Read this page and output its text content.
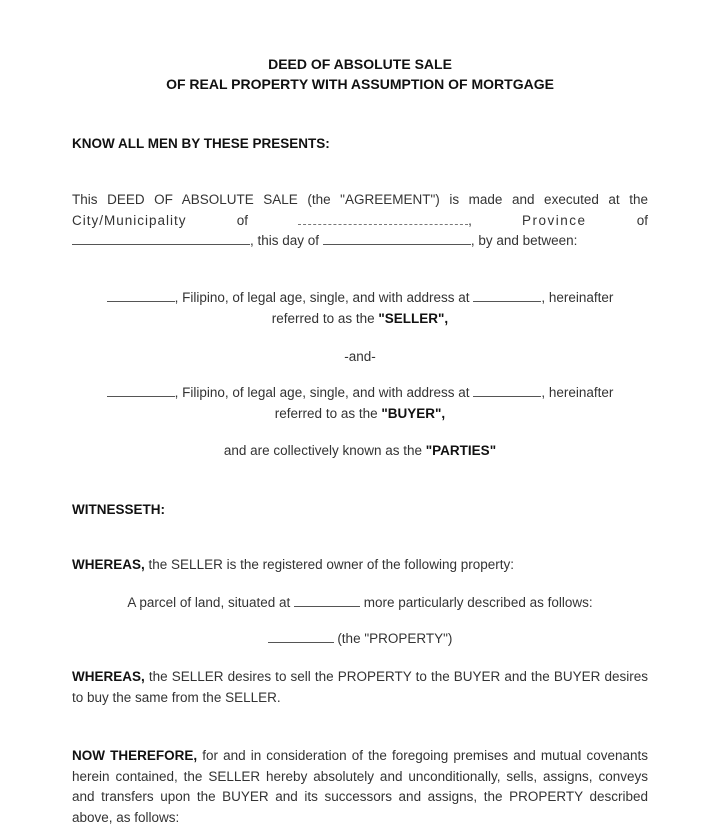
DEED OF ABSOLUTE SALE
OF REAL PROPERTY WITH ASSUMPTION OF MORTGAGE
KNOW ALL MEN BY THESE PRESENTS:
This DEED OF ABSOLUTE SALE (the "AGREEMENT") is made and executed at the
City/Municipality	of	,	Province	of
, this day of	, by and between:
, Filipino, of legal age, single, and with address at	, hereinafter
referred to as the "SELLER",
-and-
, Filipino, of legal age, single, and with address at	, hereinafter
referred to as the "BUYER",
and are collectively known as the "PARTIES"
WITNESSETH:
WHEREAS, the SELLER is the registered owner of the following property:
A parcel of land, situated at	more particularly described as follows:
(the "PROPERTY")
WHEREAS, the SELLER desires to sell the PROPERTY to the BUYER and the BUYER desires to buy the same from the SELLER.
NOW THEREFORE, for and in consideration of the foregoing premises and mutual covenants herein contained, the SELLER hereby absolutely and unconditionally, sells, assigns, conveys and transfers upon the BUYER and its successors and assigns, the PROPERTY described above, as follows:
